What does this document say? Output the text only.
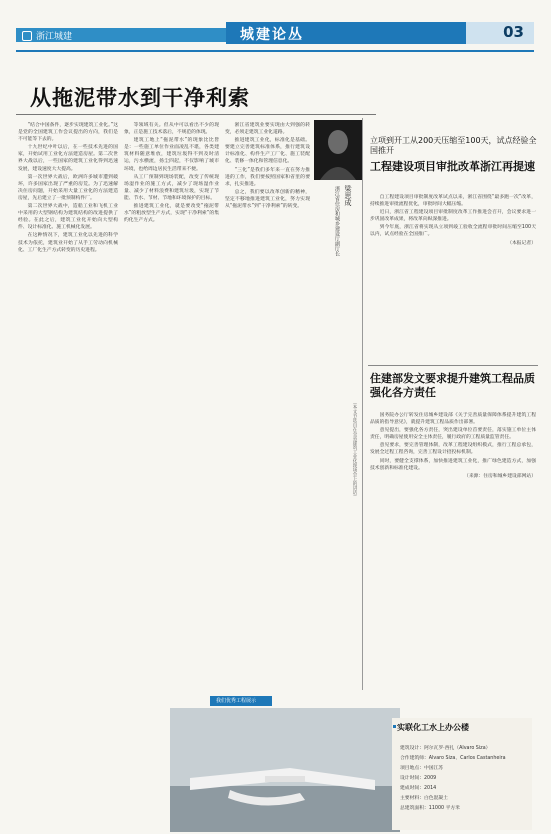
浙江城建	城建论丛	03
从拖泥带水到干净利索

“结合中国条件，逐步实现建筑工业化。”这是党的全国建筑工作会议提出的方向，我们是不可能等下去的。

十九世纪中叶以后，在一些技术先进的国家，开始试用工业化方法建造房屋。第二次世界大战以后，一些国家的建筑工业化得到迅速发展，建设速度大大提高。

第一次世界大战后，欧洲许多城市遭到破坏，许多国家出现了严重的房荒。为了迅速解决住房问题，开始采用大量工业化的方法建造房屋，先后建立了一批预制构件厂。

第二次世界大战中，造船工业和飞机工业中采用的大型钢结构为建筑结构的改进提供了经验。在此之后，建筑工业化开始向大型构件、设计标准化、施工机械化发展。

在这种情况下，建筑工业化以先进的科学技术为依托，建筑业开始了从手工劳动向机械化、工厂化生产方式转变的历史进程。

等领域有关。但从中可以看出不少的现象，正是施工技术落后，不规范的体现。

建筑工地上“拖泥带水”的现象比比皆是：一些施工单位作业面凌乱不堪，各类建筑材料随意堆放，建筑垃圾得不到及时清运，污水横流，扬尘四起，不仅影响了城市环境，也给周边居民生活带来不便。

从工厂预制到现场装配，改变了传统现场湿作业的施工方式，减少了现场湿作业量、减少了材料浪费和建筑垃圾，实现了节能、节水、节材、节地和环境保护的目标。

推进建筑工业化，就是要改变“拖泥带水”的粗放型生产方式，实现“干净利索”的集约化生产方式。

浙江省建筑业要实现由大到强的转变，必须走建筑工业化道路。

推进建筑工业化，标准化是基础。要建立完善建筑标准体系，推行建筑设计标准化、构件生产工厂化、施工装配化、装修一体化和管理信息化。

“三化”是我们多年来一直在努力推进的工作，我们要按照国家和省里的要求，扎实推进。

总之，我们要以改革创新的精神，坚定不移地推进建筑工业化，努力实现从“拖泥带水”到“干净利索”的转变。

梁思成
浙江省住房和城乡建设厅副厅长
（本文节选自在全省建筑工业化现场会上的讲话）
立项到开工从200天压缩至100天，试点经验全国推开
工程建设项目审批改革浙江再提速

自工程建设项目审批制度改革试点以来，浙江省围绕“最多跑一次”改革，持续推进审批流程优化，审批时间大幅压缩。

近日，浙江省工程建设项目审批制度改革工作推进会召开，会议要求进一步巩固改革成果，将改革向纵深推进。

到今年底，浙江省将实现从立项到竣工验收全流程审批时间压缩至100天以内，试点经验在全国推广。

（本报记者）

住建部发文要求提升建筑工程品质 强化各方责任

国务院办公厅转发住房城乡建设部《关于完善质量保障体系提升建筑工程品质的指导意见》，就提升建筑工程品质作出部署。

意见提出，要强化各方责任，突出建设单位首要责任，落实施工单位主体责任，明确房屋使用安全主体责任，履行政府的工程质量监管责任。

意见要求，要完善管理体制，改革工程建设组织模式，推行工程总承包，发展全过程工程咨询，完善工程设计招投标机制。

同时，要健全支撑体系，加快推进建筑工业化，推广绿色建造方式，加强技术创新和标准化建设。

（来源：住房和城乡建设部网站）

我们优秀工程展示
实联化工水上办公楼
建筑设计：阿尔瓦罗·西扎（Alvaro Siza）
合作建筑师：Alvaro Siza、Carlos Castanheira
项目地点：中国江苏
设计时间：2009
建成时间：2014
主要材料：白色混凝土
总建筑面积：11000 平方米
